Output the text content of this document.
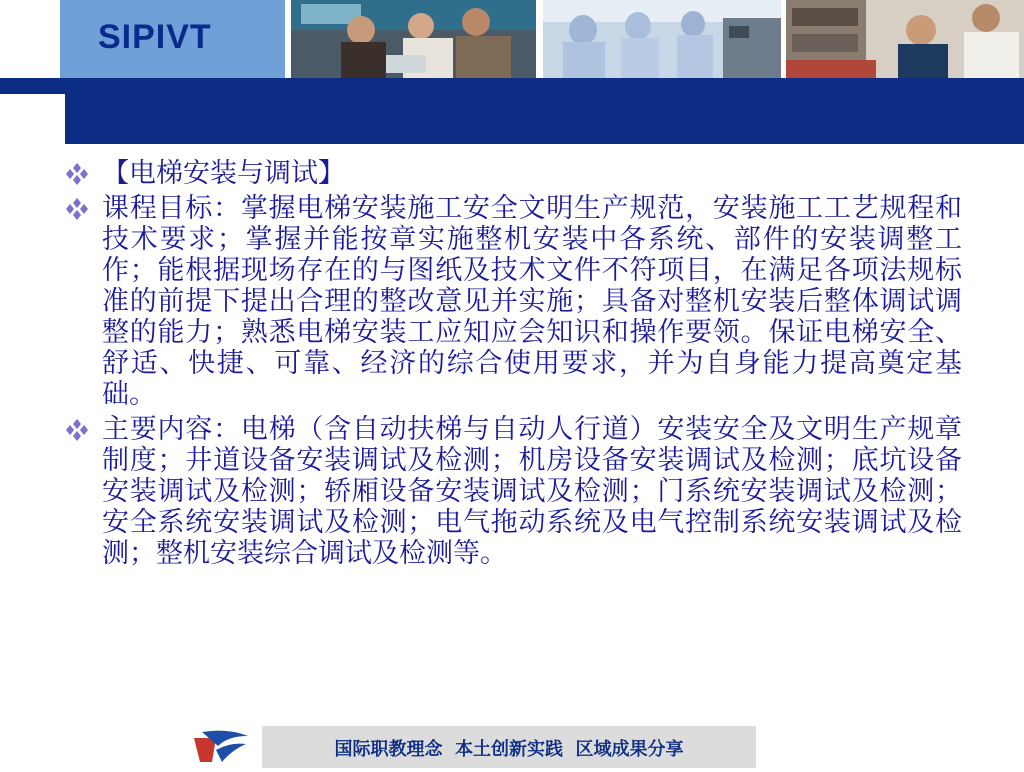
SIPIVT
【电梯安装与调试】
课程目标：掌握电梯安装施工安全文明生产规范，安装施工工艺规程和技术要求；掌握并能按章实施整机安装中各系统、部件的安装调整工作；能根据现场存在的与图纸及技术文件不符项目，在满足各项法规标准的前提下提出合理的整改意见并实施；具备对整机安装后整体调试调整的能力；熟悉电梯安装工应知应会知识和操作要领。保证电梯安全、舒适、快捷、可靠、经济的综合使用要求，并为自身能力提高奠定基础。
主要内容：电梯（含自动扶梯与自动人行道）安装安全及文明生产规章制度；井道设备安装调试及检测；机房设备安装调试及检测；底坑设备安装调试及检测；轿厢设备安装调试及检测；门系统安装调试及检测；安全系统安装调试及检测；电气拖动系统及电气控制系统安装调试及检测；整机安装综合调试及检测等。
国际职教理念  本土创新实践  区域成果分享
